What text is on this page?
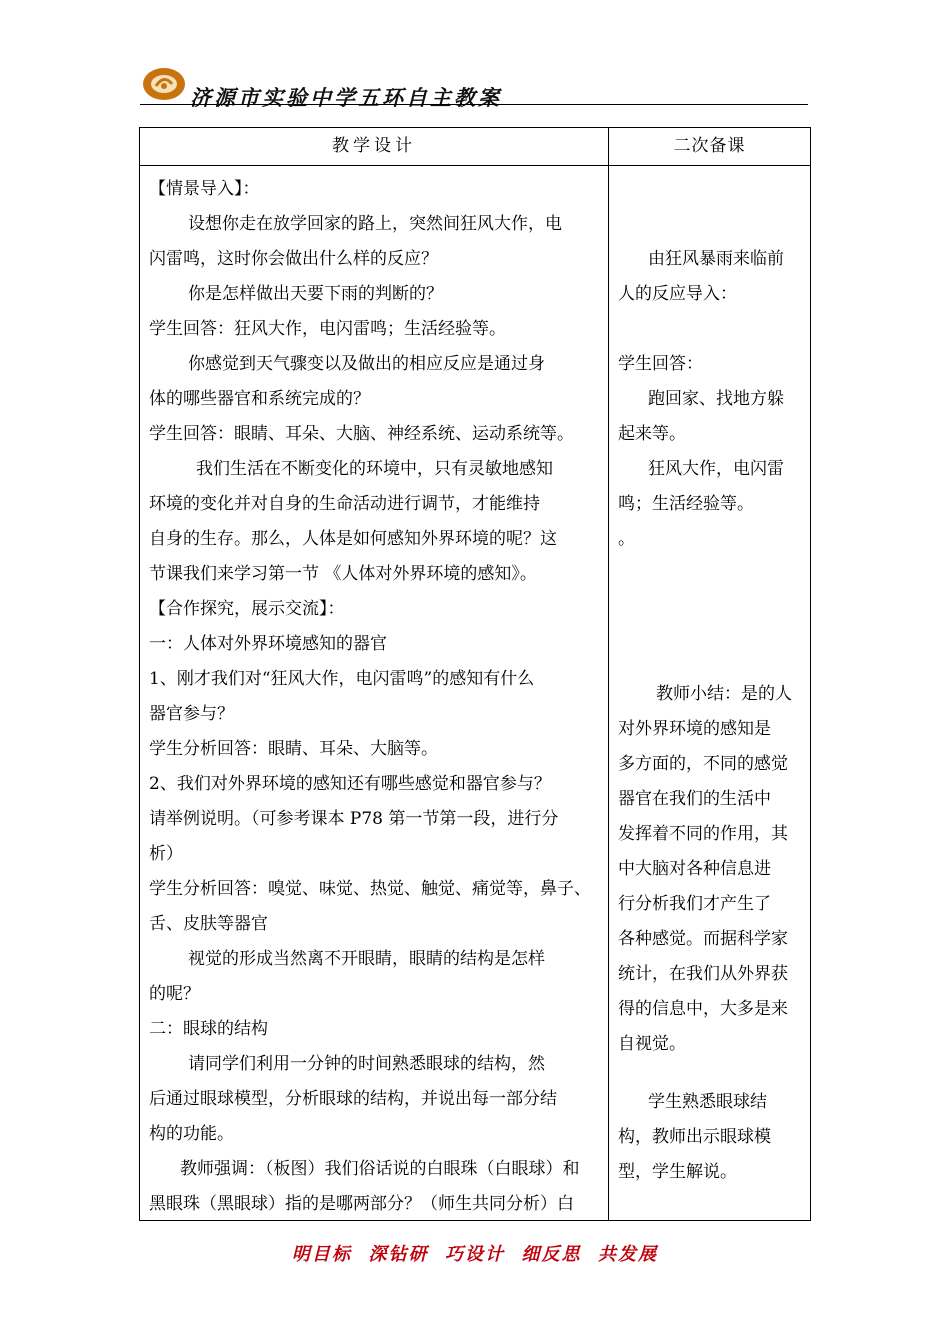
济源市实验中学五环自主教案
教学设计	二次备课
【情景导入】：
设想你走在放学回家的路上，突然间狂风大作，电
闪雷鸣，这时你会做出什么样的反应？
你是怎样做出天要下雨的判断的？
学生回答：狂风大作，电闪雷鸣；生活经验等。
你感觉到天气骤变以及做出的相应反应是通过身
体的哪些器官和系统完成的？
学生回答：眼睛、耳朵、大脑、神经系统、运动系统等。
我们生活在不断变化的环境中，只有灵敏地感知
环境的变化并对自身的生命活动进行调节，才能维持
自身的生存。那么，人体是如何感知外界环境的呢？这
节课我们来学习第一节 《人体对外界环境的感知》。
【合作探究，展示交流】：
一：人体对外界环境感知的器官
1、刚才我们对“狂风大作，电闪雷鸣”的感知有什么
器官参与？
学生分析回答：眼睛、耳朵、大脑等。
2、我们对外界环境的感知还有哪些感觉和器官参与？
请举例说明。（可参考课本 P78 第一节第一段，进行分
析）
学生分析回答：嗅觉、味觉、热觉、触觉、痛觉等，鼻子、
舌、皮肤等器官
视觉的形成当然离不开眼睛，眼睛的结构是怎样
的呢？
二：眼球的结构
请同学们利用一分钟的时间熟悉眼球的结构，然
后通过眼球模型，分析眼球的结构，并说出每一部分结
构的功能。
教师强调：（板图）我们俗话说的白眼珠（白眼球）和
黑眼珠（黑眼球）指的是哪两部分？（师生共同分析）白
由狂风暴雨来临前
人的反应导入：
学生回答：
跑回家、找地方躲
起来等。
狂风大作，电闪雷
鸣；生活经验等。
。
教师小结：是的人
对外界环境的感知是
多方面的，不同的感觉
器官在我们的生活中
发挥着不同的作用，其
中大脑对各种信息进
行分析我们才产生了
各种感觉。而据科学家
统计，在我们从外界获
得的信息中，大多是来
自视觉。
学生熟悉眼球结
构，教师出示眼球模
型，学生解说。
明目标  深钻研  巧设计  细反思  共发展
